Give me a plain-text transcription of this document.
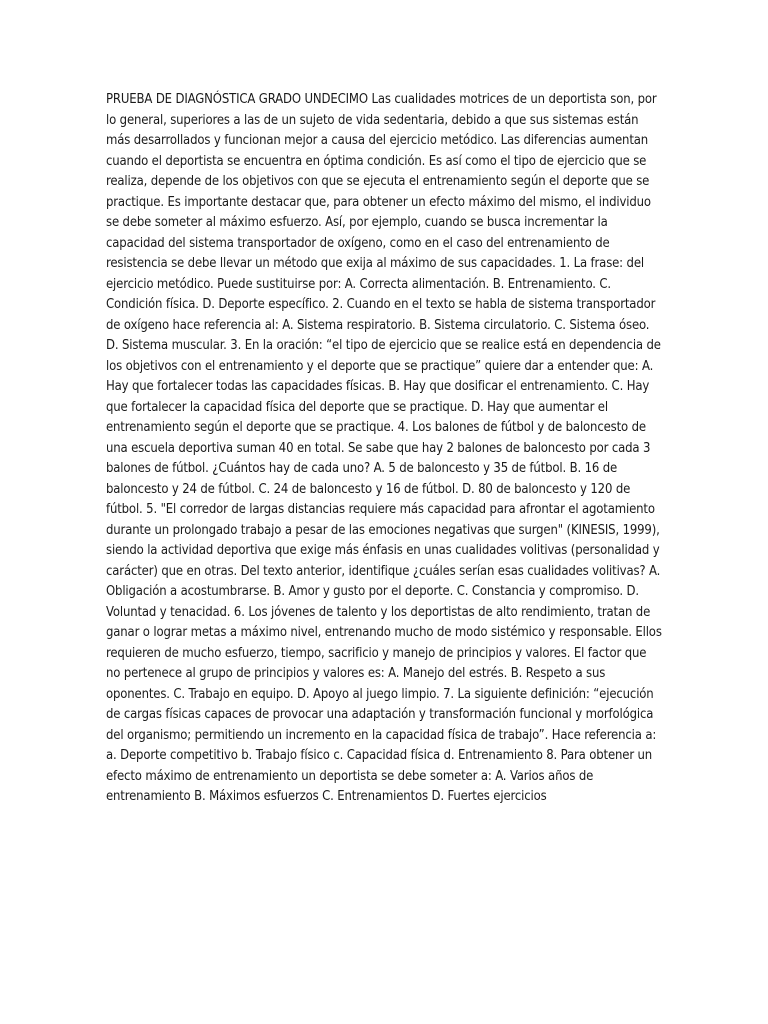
PRUEBA DE DIAGNÓSTICA GRADO UNDECIMO Las cualidades motrices de un deportista son, por lo general, superiores a las de un sujeto de vida sedentaria, debido a que sus sistemas están más desarrollados y funcionan mejor a causa del ejercicio metódico. Las diferencias aumentan cuando el deportista se encuentra en óptima condición. Es así como el tipo de ejercicio que se realiza, depende de los objetivos con que se ejecuta el entrenamiento según el deporte que se practique. Es importante destacar que, para obtener un efecto máximo del mismo, el individuo se debe someter al máximo esfuerzo. Así, por ejemplo, cuando se busca incrementar la capacidad del sistema transportador de oxígeno, como en el caso del entrenamiento de resistencia se debe llevar un método que exija al máximo de sus capacidades. 1. La frase: del ejercicio metódico. Puede sustituirse por: A. Correcta alimentación. B. Entrenamiento. C. Condición física. D. Deporte específico. 2. Cuando en el texto se habla de sistema transportador de oxígeno hace referencia al: A. Sistema respiratorio. B. Sistema circulatorio. C. Sistema óseo. D. Sistema muscular. 3. En la oración: “el tipo de ejercicio que se realice está en dependencia de los objetivos con el entrenamiento y el deporte que se practique” quiere dar a entender que: A. Hay que fortalecer todas las capacidades físicas. B. Hay que dosificar el entrenamiento. C. Hay que fortalecer la capacidad física del deporte que se practique. D. Hay que aumentar el entrenamiento según el deporte que se practique. 4. Los balones de fútbol y de baloncesto de una escuela deportiva suman 40 en total. Se sabe que hay 2 balones de baloncesto por cada 3 balones de fútbol. ¿Cuántos hay de cada uno? A. 5 de baloncesto y 35 de fútbol. B. 16 de baloncesto y 24 de fútbol. C. 24 de baloncesto y 16 de fútbol. D. 80 de baloncesto y 120 de fútbol. 5. "El corredor de largas distancias requiere más capacidad para afrontar el agotamiento durante un prolongado trabajo a pesar de las emociones negativas que surgen" (KINESIS, 1999), siendo la actividad deportiva que exige más énfasis en unas cualidades volitivas (personalidad y carácter) que en otras. Del texto anterior, identifique ¿cuáles serían esas cualidades volitivas? A. Obligación a acostumbrarse. B. Amor y gusto por el deporte. C. Constancia y compromiso. D. Voluntad y tenacidad. 6. Los jóvenes de talento y los deportistas de alto rendimiento, tratan de ganar o lograr metas a máximo nivel, entrenando mucho de modo sistémico y responsable. Ellos requieren de mucho esfuerzo, tiempo, sacrificio y manejo de principios y valores. El factor que no pertenece al grupo de principios y valores es: A. Manejo del estrés. B. Respeto a sus oponentes. C. Trabajo en equipo. D. Apoyo al juego limpio. 7. La siguiente definición: “ejecución de cargas físicas capaces de provocar una adaptación y transformación funcional y morfológica del organismo; permitiendo un incremento en la capacidad física de trabajo”. Hace referencia a: a. Deporte competitivo b. Trabajo físico c. Capacidad física d. Entrenamiento 8. Para obtener un efecto máximo de entrenamiento un deportista se debe someter a: A. Varios años de entrenamiento B. Máximos esfuerzos C. Entrenamientos D. Fuertes ejercicios
